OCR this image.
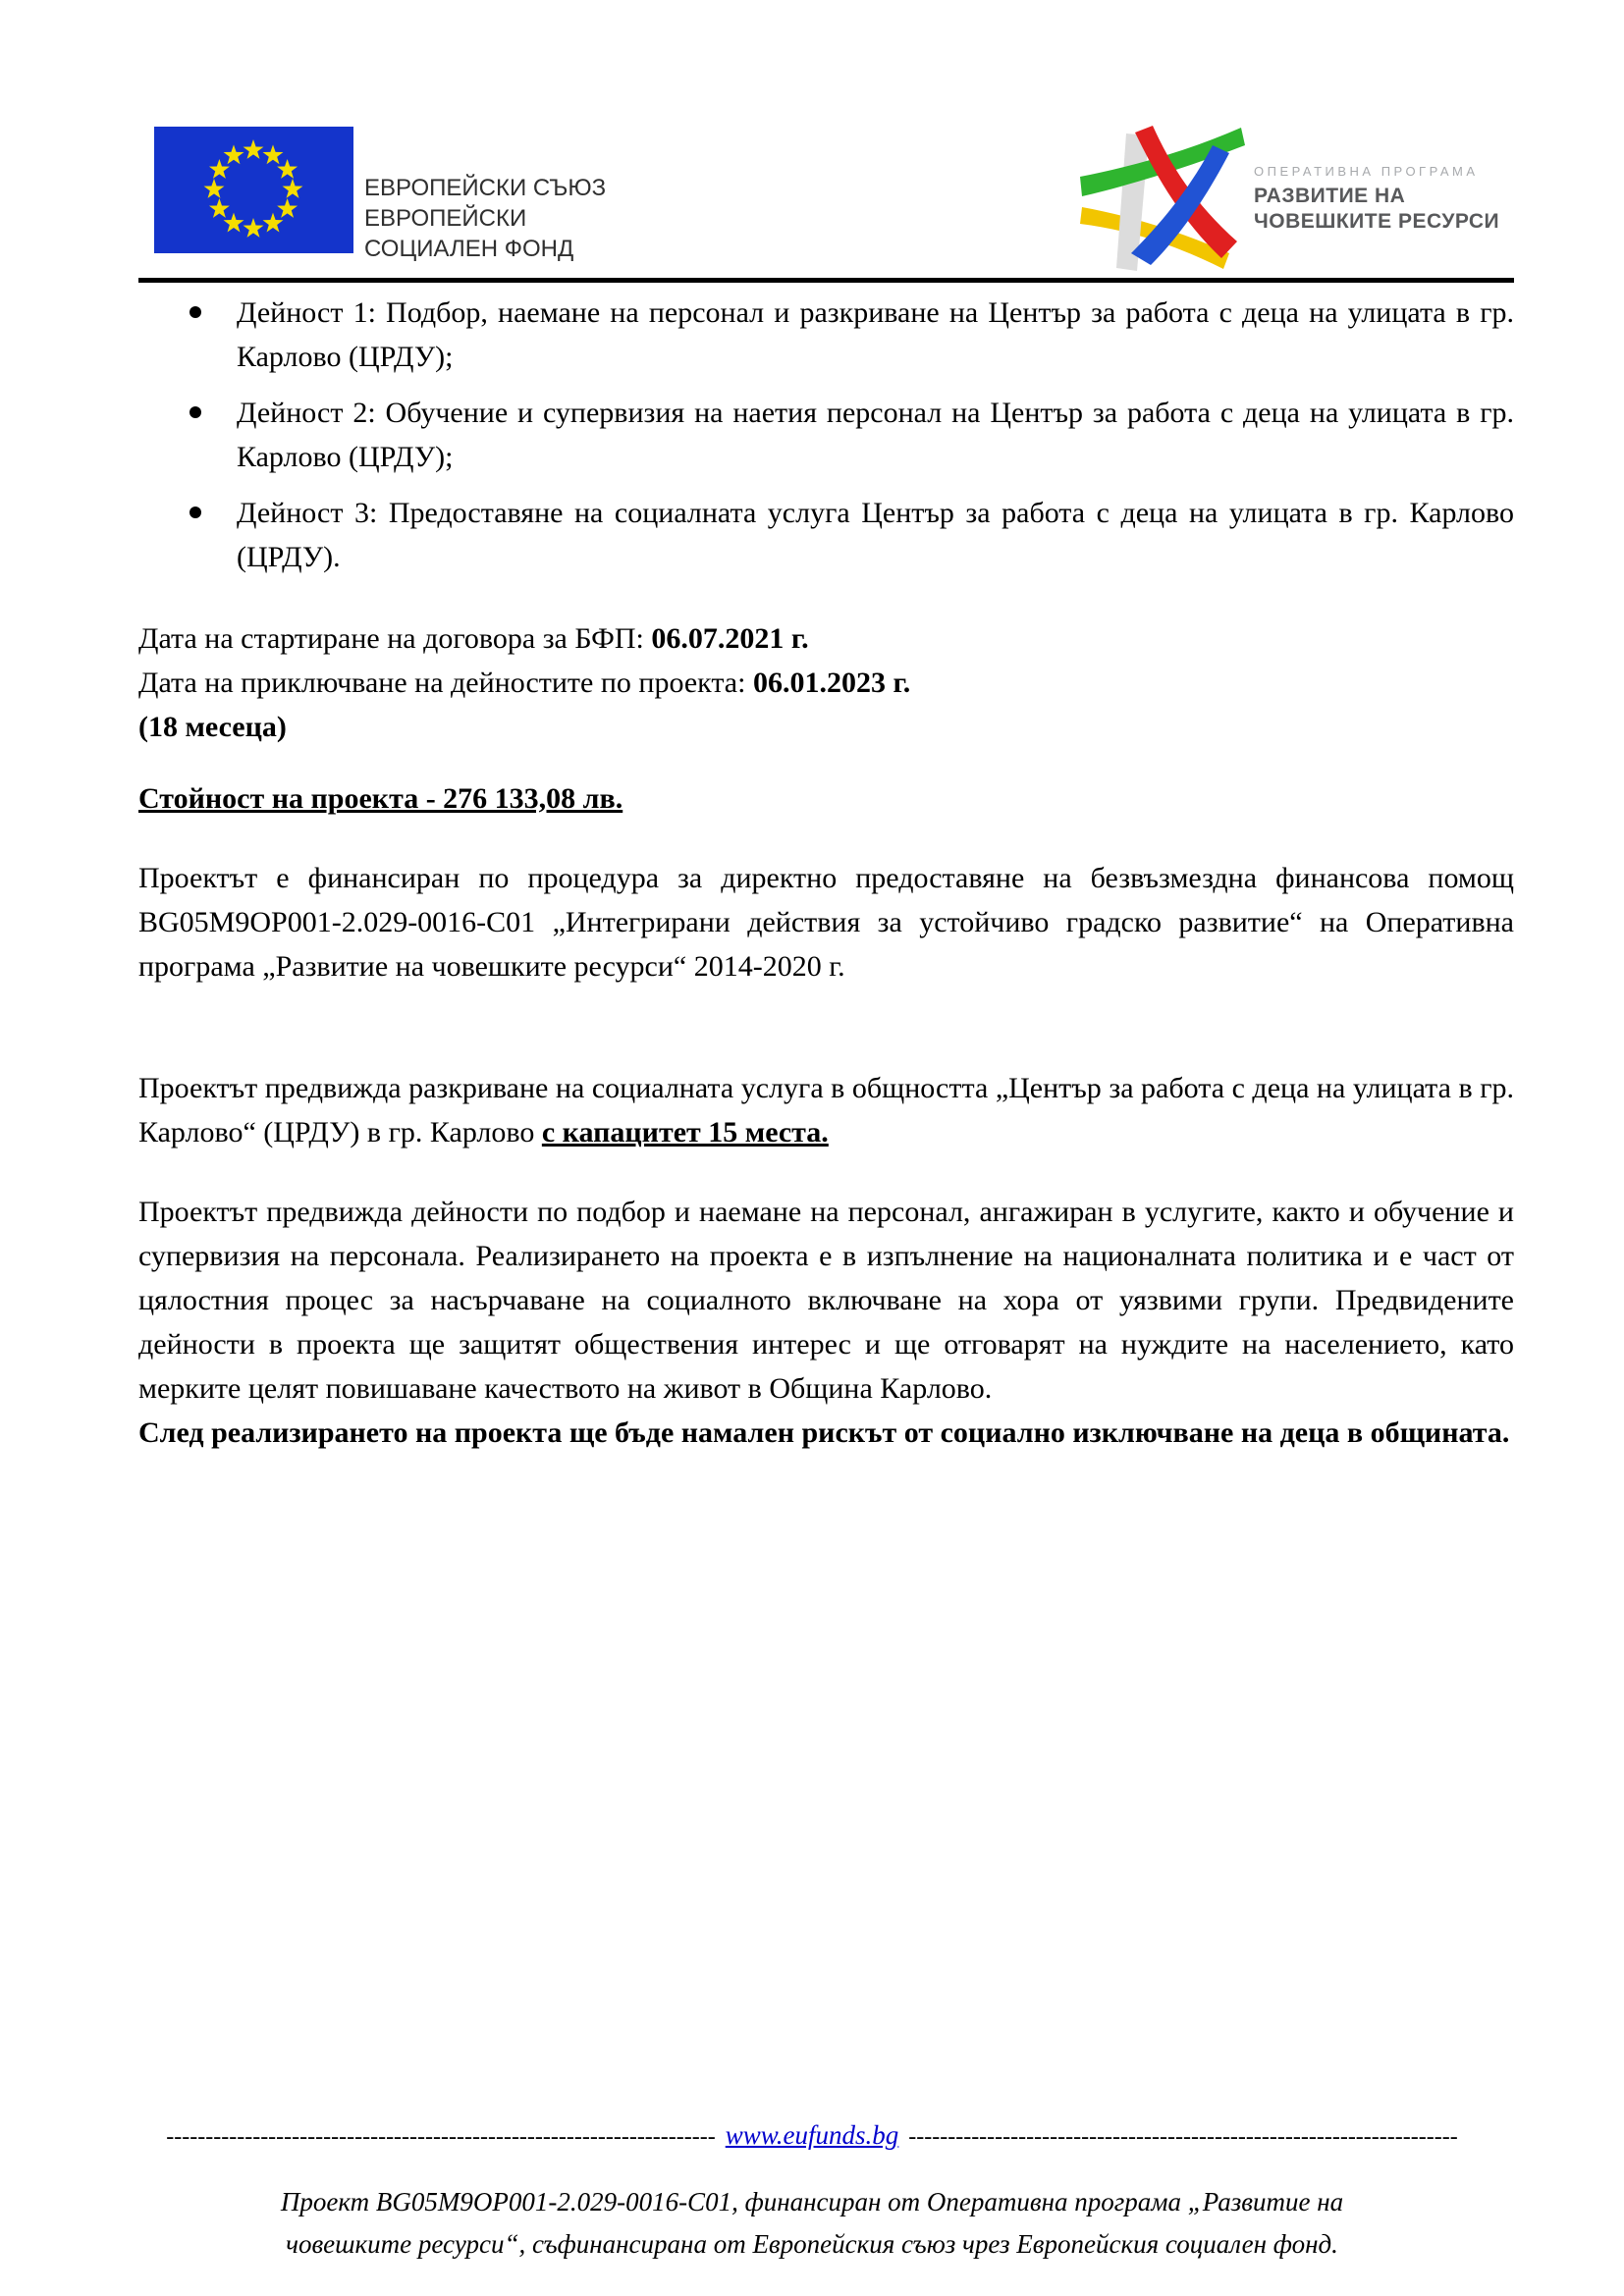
ЕВРОПЕЙСКИ СЪЮЗ
ЕВРОПЕЙСКИ
СОЦИАЛЕН ФОНД
ОПЕРАТИВНА ПРОГРАМА
РАЗВИТИЕ НА
ЧОВЕШКИТЕ РЕСУРСИ
Дейност 1: Подбор, наемане на персонал и разкриване на Център за работа с деца на улицата в гр. Карлово (ЦРДУ);
Дейност 2: Обучение и супервизия на наетия персонал на Център за работа с деца на улицата в гр. Карлово (ЦРДУ);
Дейност 3: Предоставяне на социалната услуга Център за работа с деца на улицата в гр. Карлово (ЦРДУ).
Дата на стартиране на договора за БФП: 06.07.2021 г.
Дата на приключване на дейностите по проекта: 06.01.2023 г.
(18 месеца)
Стойност на проекта - 276 133,08 лв.
Проектът е финансиран по процедура за директно предоставяне на безвъзмездна финансова помощ BG05M9OP001-2.029-0016-C01 „Интегрирани действия за устойчиво градско развитие“ на Оперативна програма „Развитие на човешките ресурси“ 2014-2020 г.
Проектът предвижда разкриване на социалната услуга в общността „Център за работа с деца на улицата в гр. Карлово“ (ЦРДУ) в гр. Карлово с капацитет 15 места.
Проектът предвижда дейности по подбор и наемане на персонал, ангажиран в услугите, както и обучение и супервизия на персонала. Реализирането на проекта е в изпълнение на националната политика и е част от цялостния процес за насърчаване на социалното включване на хора от уязвими групи. Предвидените дейности в проекта ще защитят обществения интерес и ще отговарят на нуждите на населението, като мерките целят повишаване качеството на живот в Община Карлово.
След реализирането на проекта ще бъде намален рискът от социално изключване на деца в общината.
---------------------------------------------------------------------- www.eufunds.bg ----------------------------------------------------------------------
Проект BG05M9OP001-2.029-0016-C01, финансиран от Оперативна програма „Развитие на човешките ресурси“, съфинансирана от Европейския съюз чрез Европейския социален фонд.
